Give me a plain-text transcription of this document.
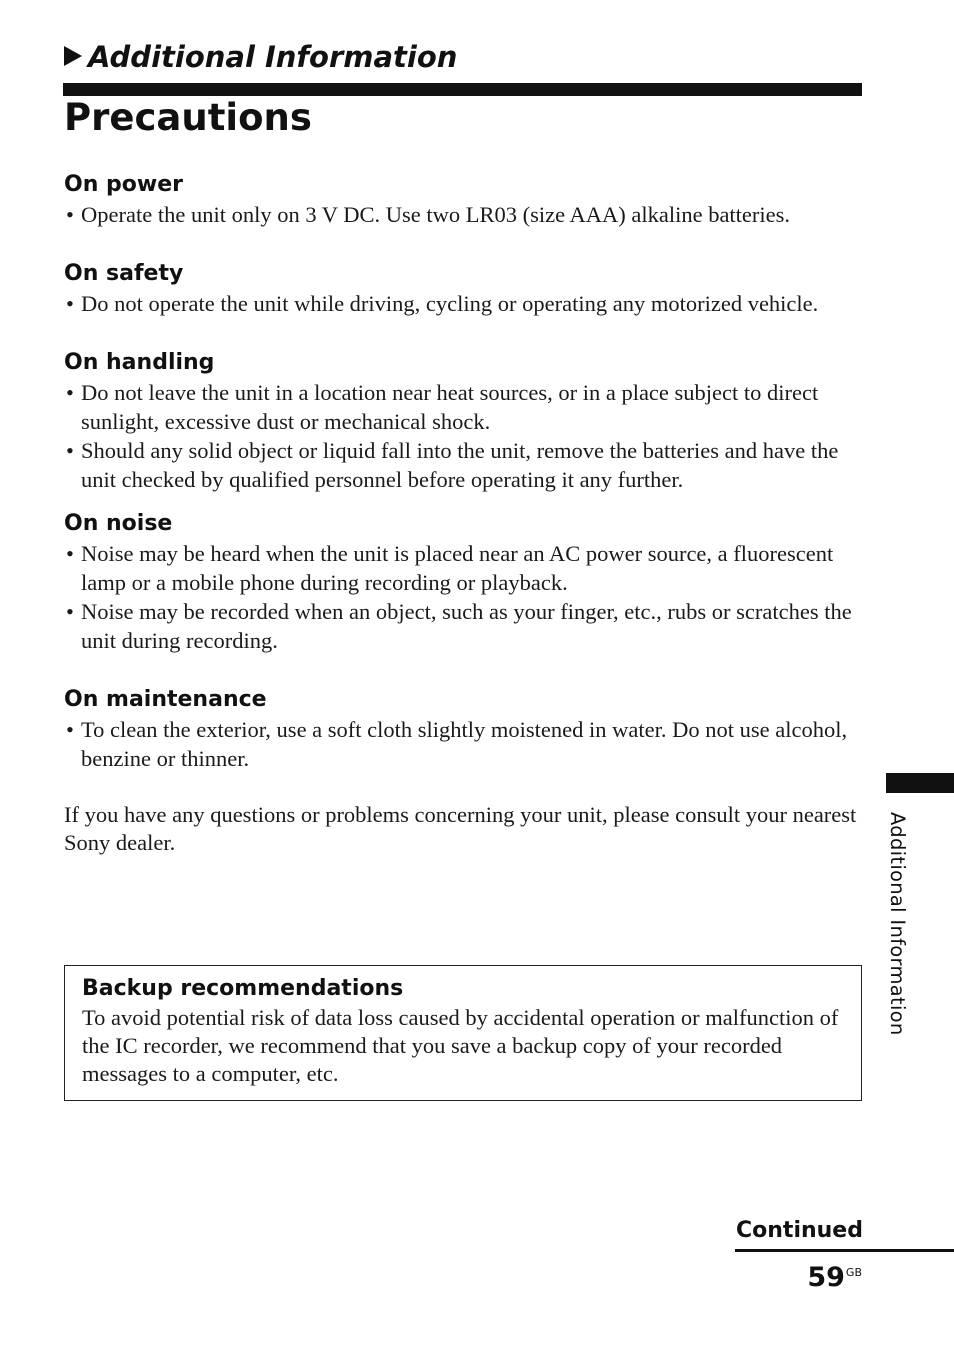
Additional Information
Precautions
On power
• Operate the unit only on 3 V DC. Use two LR03 (size AAA) alkaline batteries.
On safety
• Do not operate the unit while driving, cycling or operating any motorized vehicle.
On handling
• Do not leave the unit in a location near heat sources, or in a place subject to direct sunlight, excessive dust or mechanical shock.
• Should any solid object or liquid fall into the unit, remove the batteries and have the unit checked by qualified personnel before operating it any further.
On noise
• Noise may be heard when the unit is placed near an AC power source, a fluorescent lamp or a mobile phone during recording or playback.
• Noise may be recorded when an object, such as your finger, etc., rubs or scratches the unit during recording.
On maintenance
• To clean the exterior, use a soft cloth slightly moistened in water. Do not use alcohol, benzine or thinner.

If you have any questions or problems concerning your unit, please consult your nearest Sony dealer.

Backup recommendations

To avoid potential risk of data loss caused by accidental operation or malfunction of the IC recorder, we recommend that you save a backup copy of your recorded messages to a computer, etc.

Additional Information
Continued
$59^{GB}$
